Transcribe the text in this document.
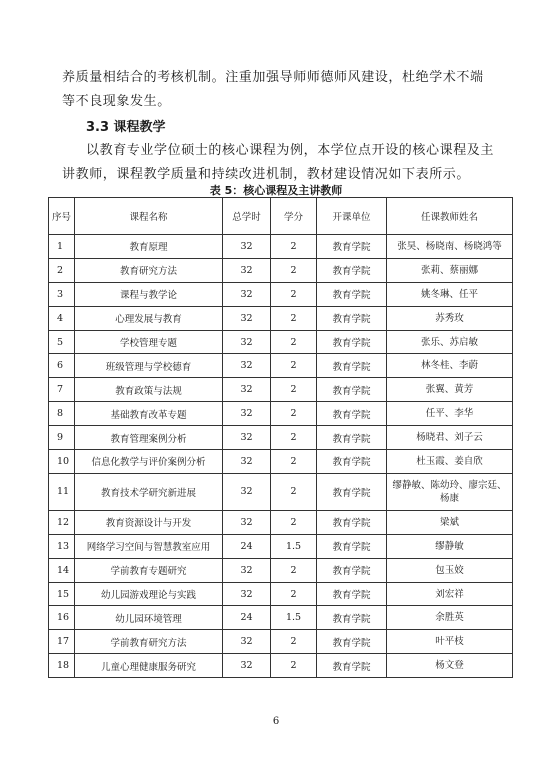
养质量相结合的考核机制。注重加强导师师德师风建设，杜绝学术不端等不良现象发生。

3.3 课程教学

以教育专业学位硕士的核心课程为例，本学位点开设的核心课程及主讲教师，课程教学质量和持续改进机制，教材建设情况如下表所示。

表 5：核心课程及主讲教师
序号	课程名称	总学时	学分	开课单位	任课教师姓名
1	教育原理	32	2	教育学院	张昊、杨晓南、杨晓鸿等
2	教育研究方法	32	2	教育学院	张莉、蔡丽娜
3	课程与教学论	32	2	教育学院	姚冬琳、任平
4	心理发展与教育	32	2	教育学院	苏秀玫
5	学校管理专题	32	2	教育学院	张乐、苏启敏
6	班级管理与学校德育	32	2	教育学院	林冬桂、李蔚
7	教育政策与法规	32	2	教育学院	张翼、黄芳
8	基础教育改革专题	32	2	教育学院	任平、李华
9	教育管理案例分析	32	2	教育学院	杨晓君、刘子云
10	信息化教学与评价案例分析	32	2	教育学院	杜玉霞、姜自欣
11	教育技术学研究新进展	32	2	教育学院	缪静敏、陈幼玲、廖宗廷、杨康
12	教育资源设计与开发	32	2	教育学院	梁斌
13	网络学习空间与智慧教室应用	24	1.5	教育学院	缪静敏
14	学前教育专题研究	32	2	教育学院	包玉姣
15	幼儿园游戏理论与实践	32	2	教育学院	刘宏祥
16	幼儿园环境管理	24	1.5	教育学院	余胜英
17	学前教育研究方法	32	2	教育学院	叶平枝
18	儿童心理健康服务研究	32	2	教育学院	杨文登
6
